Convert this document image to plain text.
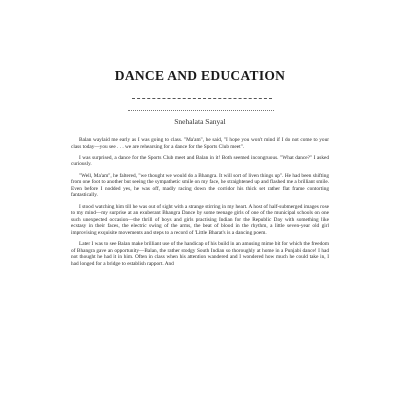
DANCE AND EDUCATION
Snehalata Sanyal

Balan waylaid me early as I was going to class. "Ma'am", he said, "I hope you won't mind if I do not come to your class today—you see . . . we are rehearsing for a dance for the Sports Club meet".

I was surprised, a dance for the Sports Club meet and Balan in it! Both seemed incongruous. "What dance?" I asked curiously.

"Well, Ma'am", he faltered, "we thought we would do a Bhangra. It will sort of liven things up". He had been shifting from one foot to another but seeing the sympathetic smile on my face, he straightened up and flashed me a brilliant smile. Even before I nodded yes, he was off, madly racing down the corridor his thick set rather flat frame contorting fantastically.

I stood watching him till he was out of sight with a strange stirring in my heart. A host of half-submerged images rose to my mind—my surprise at an exuberant Bhangra Dance by some teenage girls of one of the municipal schools on one such unexpected occasion—the thrill of boys and girls practising Indian for the Republic Day with something like ecstasy in their faces, the electric swing of the arms, the beat of blood in the rhythm, a little seven-year old girl improvising exquisite movements and steps to a record of 'Little Bharat's is a dancing poem.

Later I was to see Balan make brilliant use of the handicap of his build in an amusing mime bit for which the freedom of Bhangra gave an opportunity—Balan, the rather stodgy South Indian so thoroughly at home in a Punjabi dance! I had not thought he had it in him. Often in class when his attention wandered and I wondered how much he could take in, I had longed for a bridge to establish rapport. And
